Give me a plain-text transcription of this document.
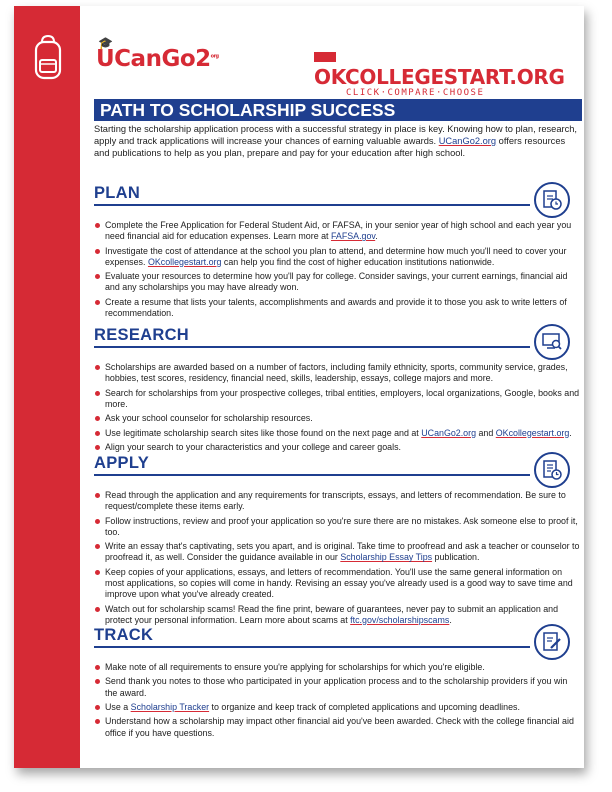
🎓
$UCanGo2^{org}$
OKCOLLEGESTART.ORG
CLICK·COMPARE·CHOOSE
PATH TO SCHOLARSHIP SUCCESS
Starting the scholarship application process with a successful strategy in place is key. Knowing how to plan, research, apply and track applications will increase your chances of earning valuable awards. UCanGo2.org offers resources and publications to help as you plan, prepare and pay for your education after high school.
PLAN
Complete the Free Application for Federal Student Aid, or FAFSA, in your senior year of high school and each year you need financial aid for education expenses. Learn more at FAFSA.gov.
Investigate the cost of attendance at the school you plan to attend, and determine how much you'll need to cover your expenses. OKcollegestart.org can help you find the cost of higher education institutions nationwide.
Evaluate your resources to determine how you'll pay for college. Consider savings, your current earnings, financial aid and any scholarships you may have already won.
Create a resume that lists your talents, accomplishments and awards and provide it to those you ask to write letters of recommendation.
RESEARCH
Scholarships are awarded based on a number of factors, including family ethnicity, sports, community service, grades, hobbies, test scores, residency, financial need, skills, leadership, essays, college majors and more.
Search for scholarships from your prospective colleges, tribal entities, employers, local organizations, Google, books and more.
Ask your school counselor for scholarship resources.
Use legitimate scholarship search sites like those found on the next page and at UCanGo2.org and OKcollegestart.org.
Align your search to your characteristics and your college and career goals.
APPLY
Read through the application and any requirements for transcripts, essays, and letters of recommendation. Be sure to request/complete these items early.
Follow instructions, review and proof your application so you're sure there are no mistakes. Ask someone else to proof it, too.
Write an essay that's captivating, sets you apart, and is original. Take time to proofread and ask a teacher or counselor to proofread it, as well. Consider the guidance available in our Scholarship Essay Tips publication.
Keep copies of your applications, essays, and letters of recommendation. You'll use the same general information on most applications, so copies will come in handy. Revising an essay you've already used is a good way to save time and improve upon what you've already created.
Watch out for scholarship scams! Read the fine print, beware of guarantees, never pay to submit an application and protect your personal information. Learn more about scams at ftc.gov/scholarshipscams.
TRACK
Make note of all requirements to ensure you're applying for scholarships for which you're eligible.
Send thank you notes to those who participated in your application process and to the scholarship providers if you win the award.
Use a Scholarship Tracker to organize and keep track of completed applications and upcoming deadlines.
Understand how a scholarship may impact other financial aid you've been awarded. Check with the college financial aid office if you have questions.
